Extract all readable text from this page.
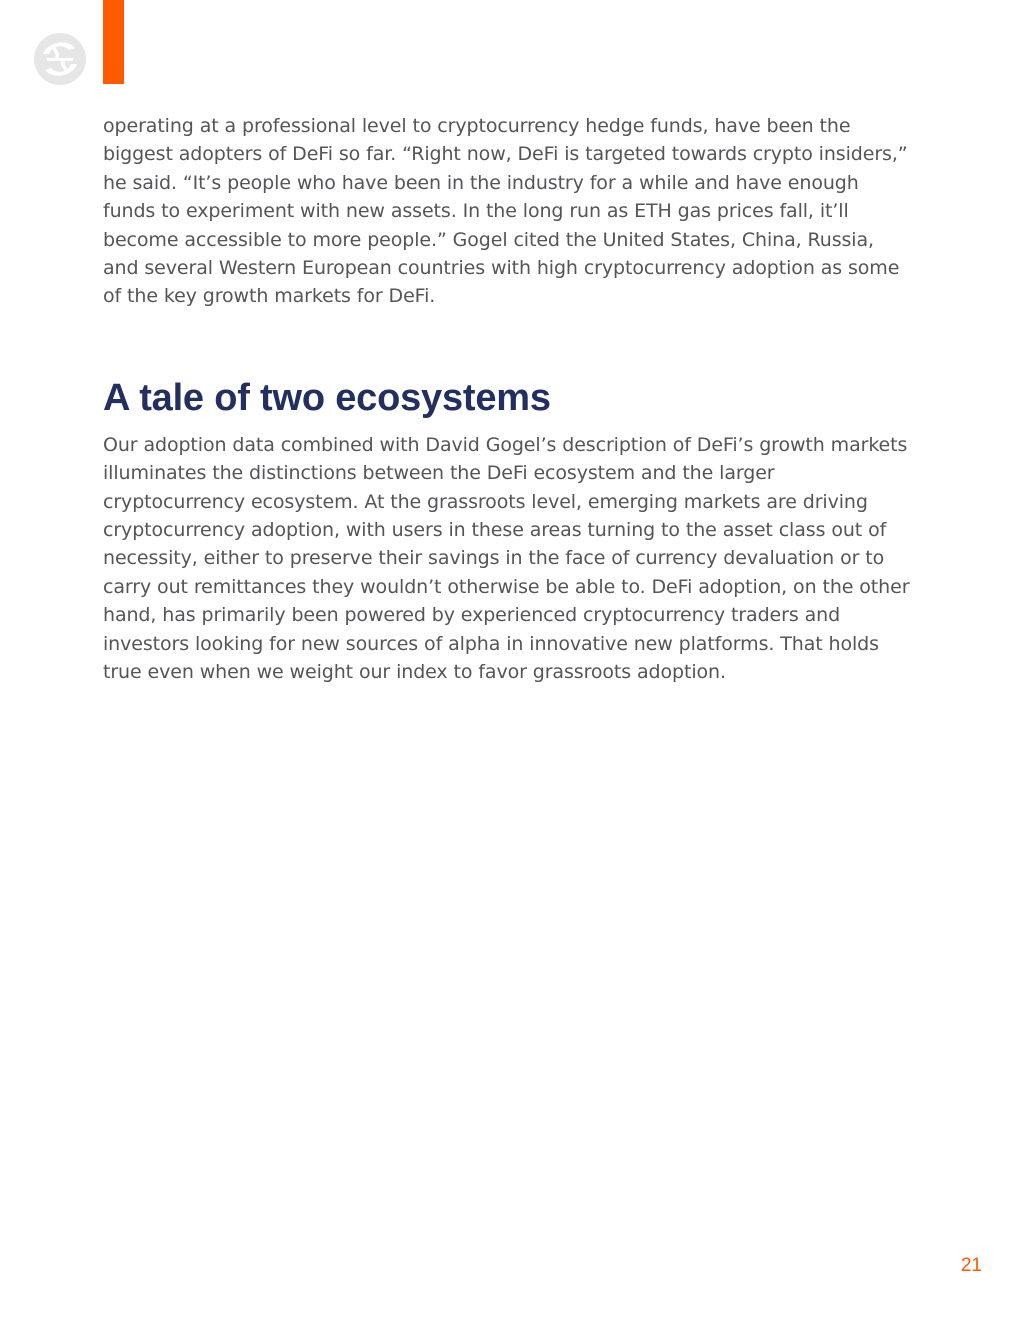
operating at a professional level to cryptocurrency hedge funds, have been the biggest adopters of DeFi so far. “Right now, DeFi is targeted towards crypto insiders,” he said. “It’s people who have been in the industry for a while and have enough funds to experiment with new assets. In the long run as ETH gas prices fall, it’ll become accessible to more people.” Gogel cited the United States, China, Russia, and several Western European countries with high cryptocurrency adoption as some of the key growth markets for DeFi.

A tale of two ecosystems

Our adoption data combined with David Gogel’s description of DeFi’s growth markets illuminates the distinctions between the DeFi ecosystem and the larger cryptocurrency ecosystem. At the grassroots level, emerging markets are driving cryptocurrency adoption, with users in these areas turning to the asset class out of necessity, either to preserve their savings in the face of currency devaluation or to carry out remittances they wouldn’t otherwise be able to. DeFi adoption, on the other hand, has primarily been powered by experienced cryptocurrency traders and investors looking for new sources of alpha in innovative new platforms. That holds true even when we weight our index to favor grassroots adoption.

21
